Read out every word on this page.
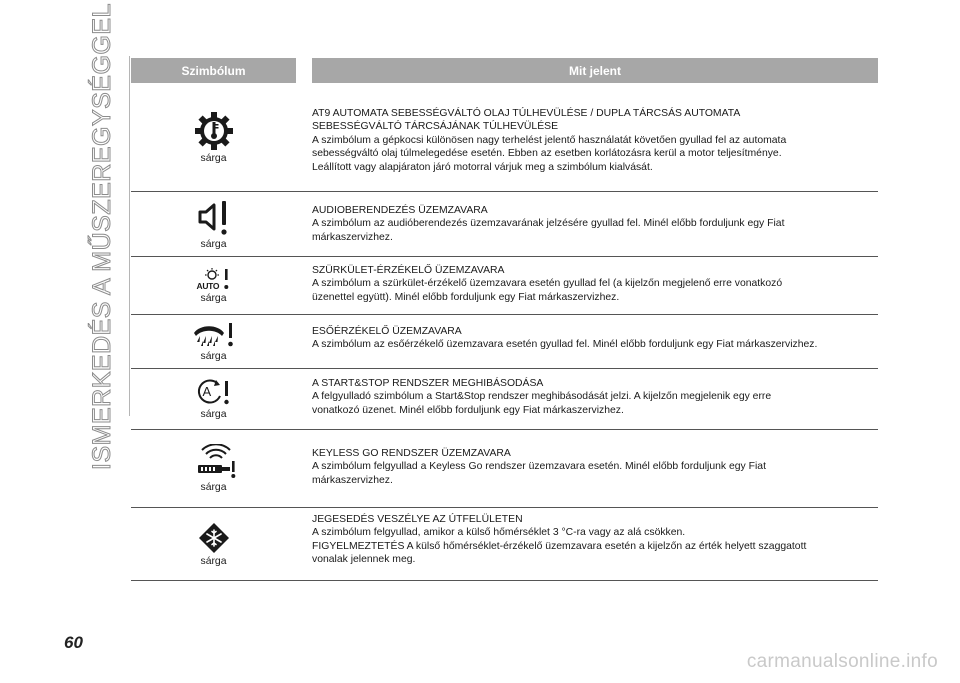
ISMERKEDÉS A MŰSZEREGYSÉGGEL	Szimbólum	Mit jelent
sárga

AT9 AUTOMATA SEBESSÉGVÁLTÓ OLAJ TÚLHEVÜLÉSE / DUPLA TÁRCSÁS AUTOMATA

SEBESSÉGVÁLTÓ TÁRCSÁJÁNAK TÚLHEVÜLÉSE

A szimbólum a gépkocsi különösen nagy terhelést jelentő használatát követően gyullad fel az automata

sebességváltó olaj túlmelegedése esetén. Ebben az esetben korlátozásra kerül a motor teljesítménye.

Leállított vagy alapjáraton járó motorral várjuk meg a szimbólum kialvását.

sárga

AUDIOBERENDEZÉS ÜZEMZAVARA

A szimbólum az audióberendezés üzemzavarának jelzésére gyullad fel. Minél előbb forduljunk egy Fiat

márkaszervizhez.

AUTO
sárga

SZÜRKÜLET-ÉRZÉKELŐ ÜZEMZAVARA

A szimbólum a szürkület-érzékelő üzemzavara esetén gyullad fel (a kijelzőn megjelenő erre vonatkozó

üzenettel együtt). Minél előbb forduljunk egy Fiat márkaszervizhez.

sárga

ESŐÉRZÉKELŐ ÜZEMZAVARA

A szimbólum az esőérzékelő üzemzavara esetén gyullad fel. Minél előbb forduljunk egy Fiat márkaszervizhez.

A
sárga

A START&STOP RENDSZER MEGHIBÁSODÁSA

A felgyulladó szimbólum a Start&Stop rendszer meghibásodását jelzi. A kijelzőn megjelenik egy erre

vonatkozó üzenet. Minél előbb forduljunk egy Fiat márkaszervizhez.

sárga

KEYLESS GO RENDSZER ÜZEMZAVARA

A szimbólum felgyullad a Keyless Go rendszer üzemzavara esetén. Minél előbb forduljunk egy Fiat

márkaszervizhez.

sárga

JEGESEDÉS VESZÉLYE AZ ÚTFELÜLETEN

A szimbólum felgyullad, amikor a külső hőmérséklet 3 °C-ra vagy az alá csökken.

FIGYELMEZTETÉS A külső hőmérséklet-érzékelő üzemzavara esetén a kijelzőn az érték helyett szaggatott

vonalak jelennek meg.

60
carmanualsonline.info
